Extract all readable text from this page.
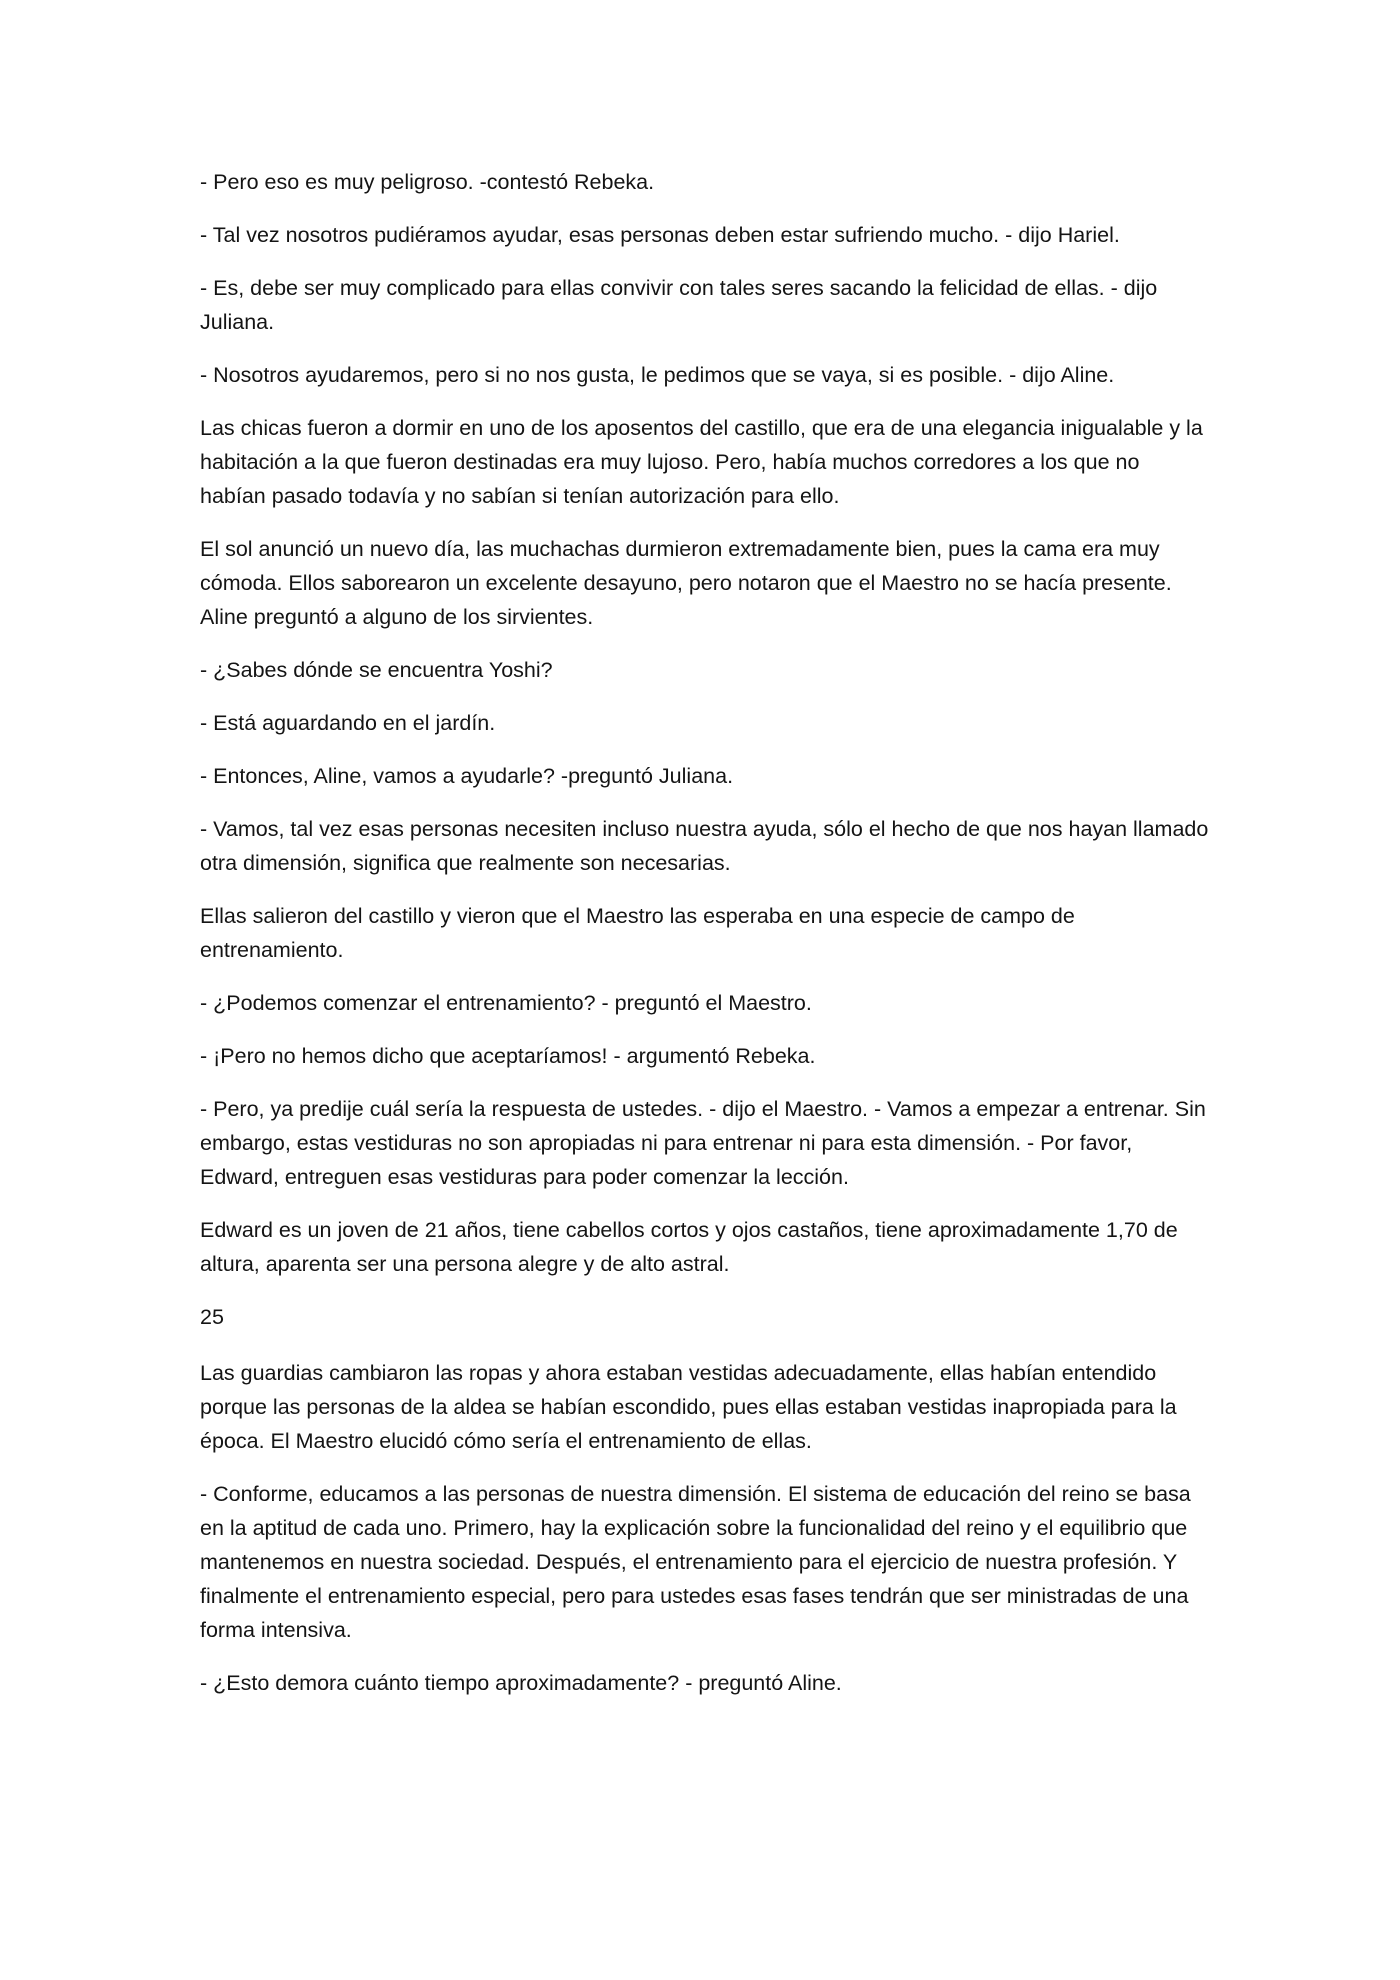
- Pero eso es muy peligroso. -contestó Rebeka.

- Tal vez nosotros pudiéramos ayudar, esas personas deben estar sufriendo mucho. - dijo Hariel.

- Es, debe ser muy complicado para ellas convivir con tales seres sacando la felicidad de ellas. - dijo Juliana.

- Nosotros ayudaremos, pero si no nos gusta, le pedimos que se vaya, si es posible. - dijo Aline.

Las chicas fueron a dormir en uno de los aposentos del castillo, que era de una elegancia inigualable y la habitación a la que fueron destinadas era muy lujoso. Pero, había muchos corredores a los que no habían pasado todavía y no sabían si tenían autorización para ello.

El sol anunció un nuevo día, las muchachas durmieron extremadamente bien, pues la cama era muy cómoda. Ellos saborearon un excelente desayuno, pero notaron que el Maestro no se hacía presente. Aline preguntó a alguno de los sirvientes.

- ¿Sabes dónde se encuentra Yoshi?

- Está aguardando en el jardín.

- Entonces, Aline, vamos a ayudarle? -preguntó Juliana.

- Vamos, tal vez esas personas necesiten incluso nuestra ayuda, sólo el hecho de que nos hayan llamado otra dimensión, significa que realmente son necesarias.

Ellas salieron del castillo y vieron que el Maestro las esperaba en una especie de campo de entrenamiento.

- ¿Podemos comenzar el entrenamiento? - preguntó el Maestro.

- ¡Pero no hemos dicho que aceptaríamos! - argumentó Rebeka.

- Pero, ya predije cuál sería la respuesta de ustedes. - dijo el Maestro. - Vamos a empezar a entrenar. Sin embargo, estas vestiduras no son apropiadas ni para entrenar ni para esta dimensión. - Por favor, Edward, entreguen esas vestiduras para poder comenzar la lección.

Edward es un joven de 21 años, tiene cabellos cortos y ojos castaños, tiene aproximadamente 1,70 de altura, aparenta ser una persona alegre y de alto astral.

25

Las guardias cambiaron las ropas y ahora estaban vestidas adecuadamente, ellas habían entendido porque las personas de la aldea se habían escondido, pues ellas estaban vestidas inapropiada para la época. El Maestro elucidó cómo sería el entrenamiento de ellas.

- Conforme, educamos a las personas de nuestra dimensión. El sistema de educación del reino se basa en la aptitud de cada uno. Primero, hay la explicación sobre la funcionalidad del reino y el equilibrio que mantenemos en nuestra sociedad. Después, el entrenamiento para el ejercicio de nuestra profesión. Y finalmente el entrenamiento especial, pero para ustedes esas fases tendrán que ser ministradas de una forma intensiva.

- ¿Esto demora cuánto tiempo aproximadamente? - preguntó Aline.
